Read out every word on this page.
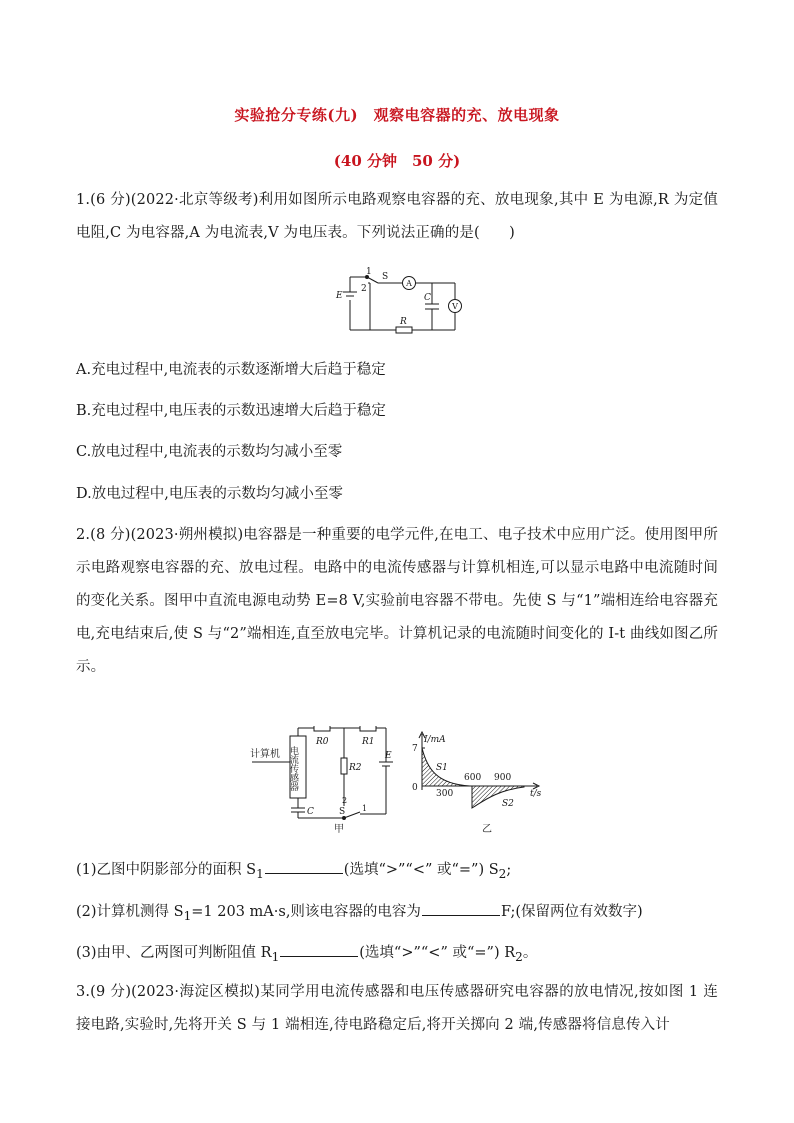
实验抢分专练(九)　观察电容器的充、放电现象
(40 分钟　50 分)
1.(6 分)(2022·北京等级考)利用如图所示电路观察电容器的充、放电现象,其中 E 为电源,R 为定值电阻,C 为电容器,A 为电流表,V 为电压表。下列说法正确的是(　　)
1
2
S
E	C
R
A
V
A.充电过程中,电流表的示数逐渐增大后趋于稳定
B.充电过程中,电压表的示数迅速增大后趋于稳定
C.放电过程中,电流表的示数均匀减小至零
D.放电过程中,电压表的示数均匀减小至零
2.(8 分)(2023·朔州模拟)电容器是一种重要的电学元件,在电工、电子技术中应用广泛。使用图甲所示电路观察电容器的充、放电过程。电路中的电流传感器与计算机相连,可以显示电路中电流随时间的变化关系。图甲中直流电源电动势 E=8 V,实验前电容器不带电。先使 S 与“1”端相连给电容器充电,充电结束后,使 S 与“2”端相连,直至放电完毕。计算机记录的电流随时间变化的 I-t 曲线如图乙所示。
计算机 电流传感器
R0	R1
R2
E
C	S 1
2
甲
I/mA
7
0
300
600 900
t/s
S1
S2
乙
(1)乙图中阴影部分的面积 $S_1$	(选填“>”“<” 或“=”) $S_2$;
(2)计算机测得 $S_1=1$ 203 mA·s,则该电容器的电容为	F;(保留两位有效数字)
(3)由甲、乙两图可判断阻值 $R_1$	(选填“>”“<” 或“=”) $R_2$。
3.(9 分)(2023·海淀区模拟)某同学用电流传感器和电压传感器研究电容器的放电情况,按如图 1 连接电路,实验时,先将开关 S 与 1 端相连,待电路稳定后,将开关掷向 2 端,传感器将信息传入计
